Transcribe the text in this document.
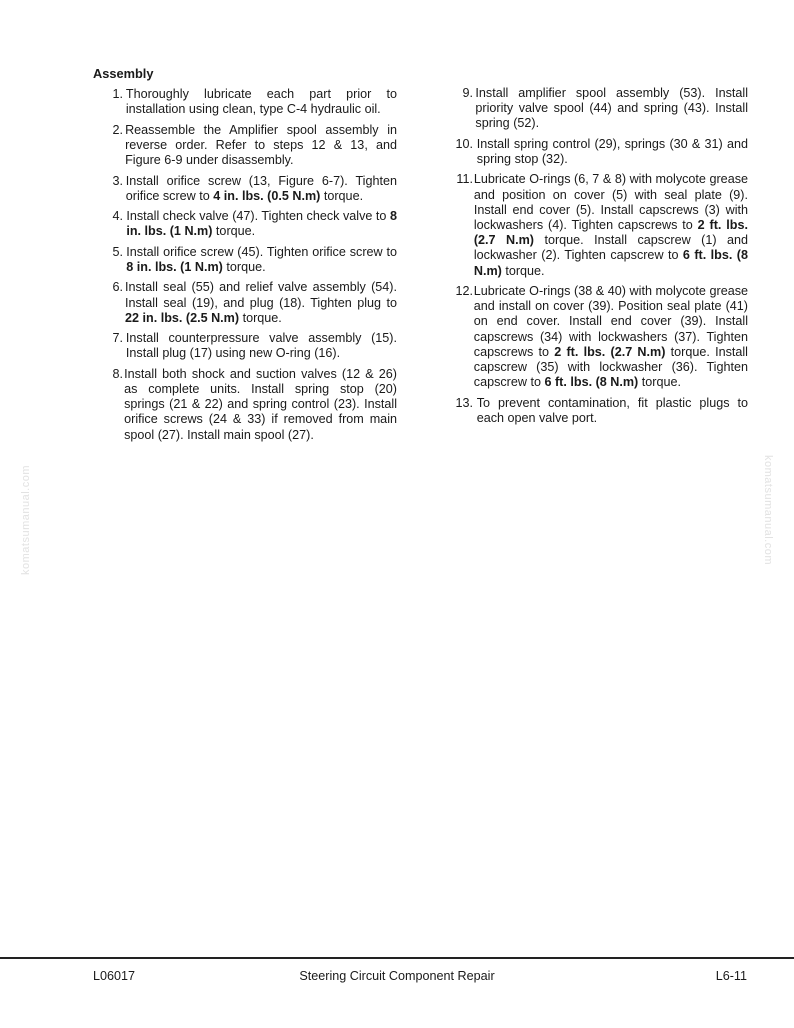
komatsumanual.com	komatsumanual.com
Assembly
1. Thoroughly lubricate each part prior to installation using clean, type C-4 hydraulic oil.
2. Reassemble the Amplifier spool assembly in reverse order. Refer to steps 12 & 13, and Figure 6-9 under disassembly.
3. Install orifice screw (13, Figure 6-7). Tighten orifice screw to 4 in. lbs. (0.5 N.m) torque.
4. Install check valve (47). Tighten check valve to 8 in. lbs. (1 N.m) torque.
5. Install orifice screw (45). Tighten orifice screw to 8 in. lbs. (1 N.m) torque.
6. Install seal (55) and relief valve assembly (54). Install seal (19), and plug (18). Tighten plug to 22 in. lbs. (2.5 N.m) torque.
7. Install counterpressure valve assembly (15). Install plug (17) using new O-ring (16).
8. Install both shock and suction valves (12 & 26) as complete units. Install spring stop (20) springs (21 & 22) and spring control (23). Install orifice screws (24 & 33) if removed from main spool (27). Install main spool (27).
9. Install amplifier spool assembly (53). Install priority valve spool (44) and spring (43). Install spring (52).
10. Install spring control (29), springs (30 & 31) and spring stop (32).
11. Lubricate O-rings (6, 7 & 8) with molycote grease and position on cover (5) with seal plate (9). Install end cover (5). Install capscrews (3) with lockwashers (4). Tighten capscrews to 2 ft. lbs. (2.7 N.m) torque. Install capscrew (1) and lockwasher (2). Tighten capscrew to 6 ft. lbs. (8 N.m) torque.
12. Lubricate O-rings (38 & 40) with molycote grease and install on cover (39). Position seal plate (41) on end cover. Install end cover (39). Install capscrews (34) with lockwashers (37). Tighten capscrews to 2 ft. lbs. (2.7 N.m) torque. Install capscrew (35) with lockwasher (36). Tighten capscrew to 6 ft. lbs. (8 N.m) torque.
13. To prevent contamination, fit plastic plugs to each open valve port.
L06017	Steering Circuit Component Repair	L6-11
